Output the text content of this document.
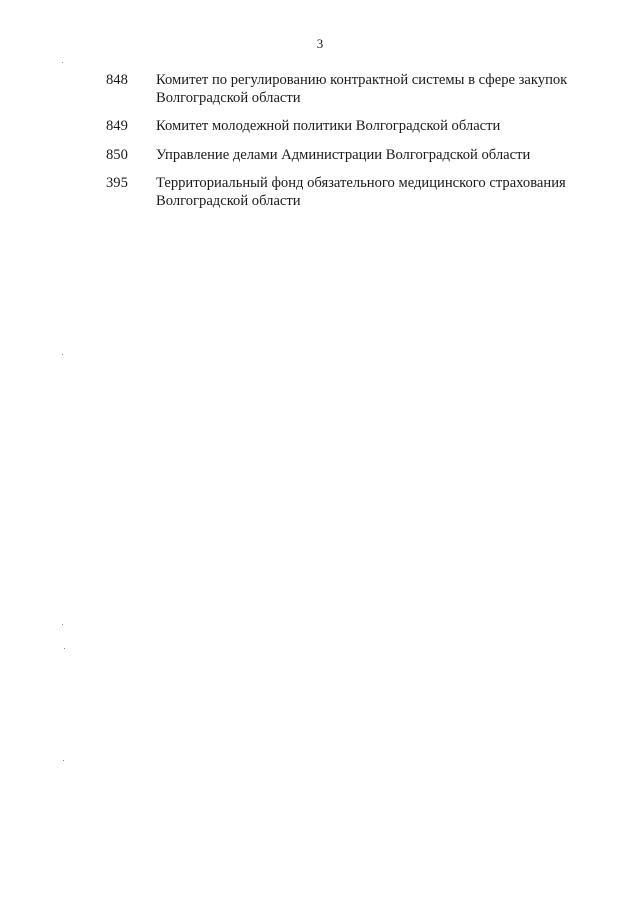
3
848	Комитет по регулированию контрактной системы в сфере закупок Волгоградской области
849	Комитет молодежной политики Волгоградской области
850	Управление делами Администрации Волгоградской области
395	Территориальный фонд обязательного медицинского страхования Волгоградской области
